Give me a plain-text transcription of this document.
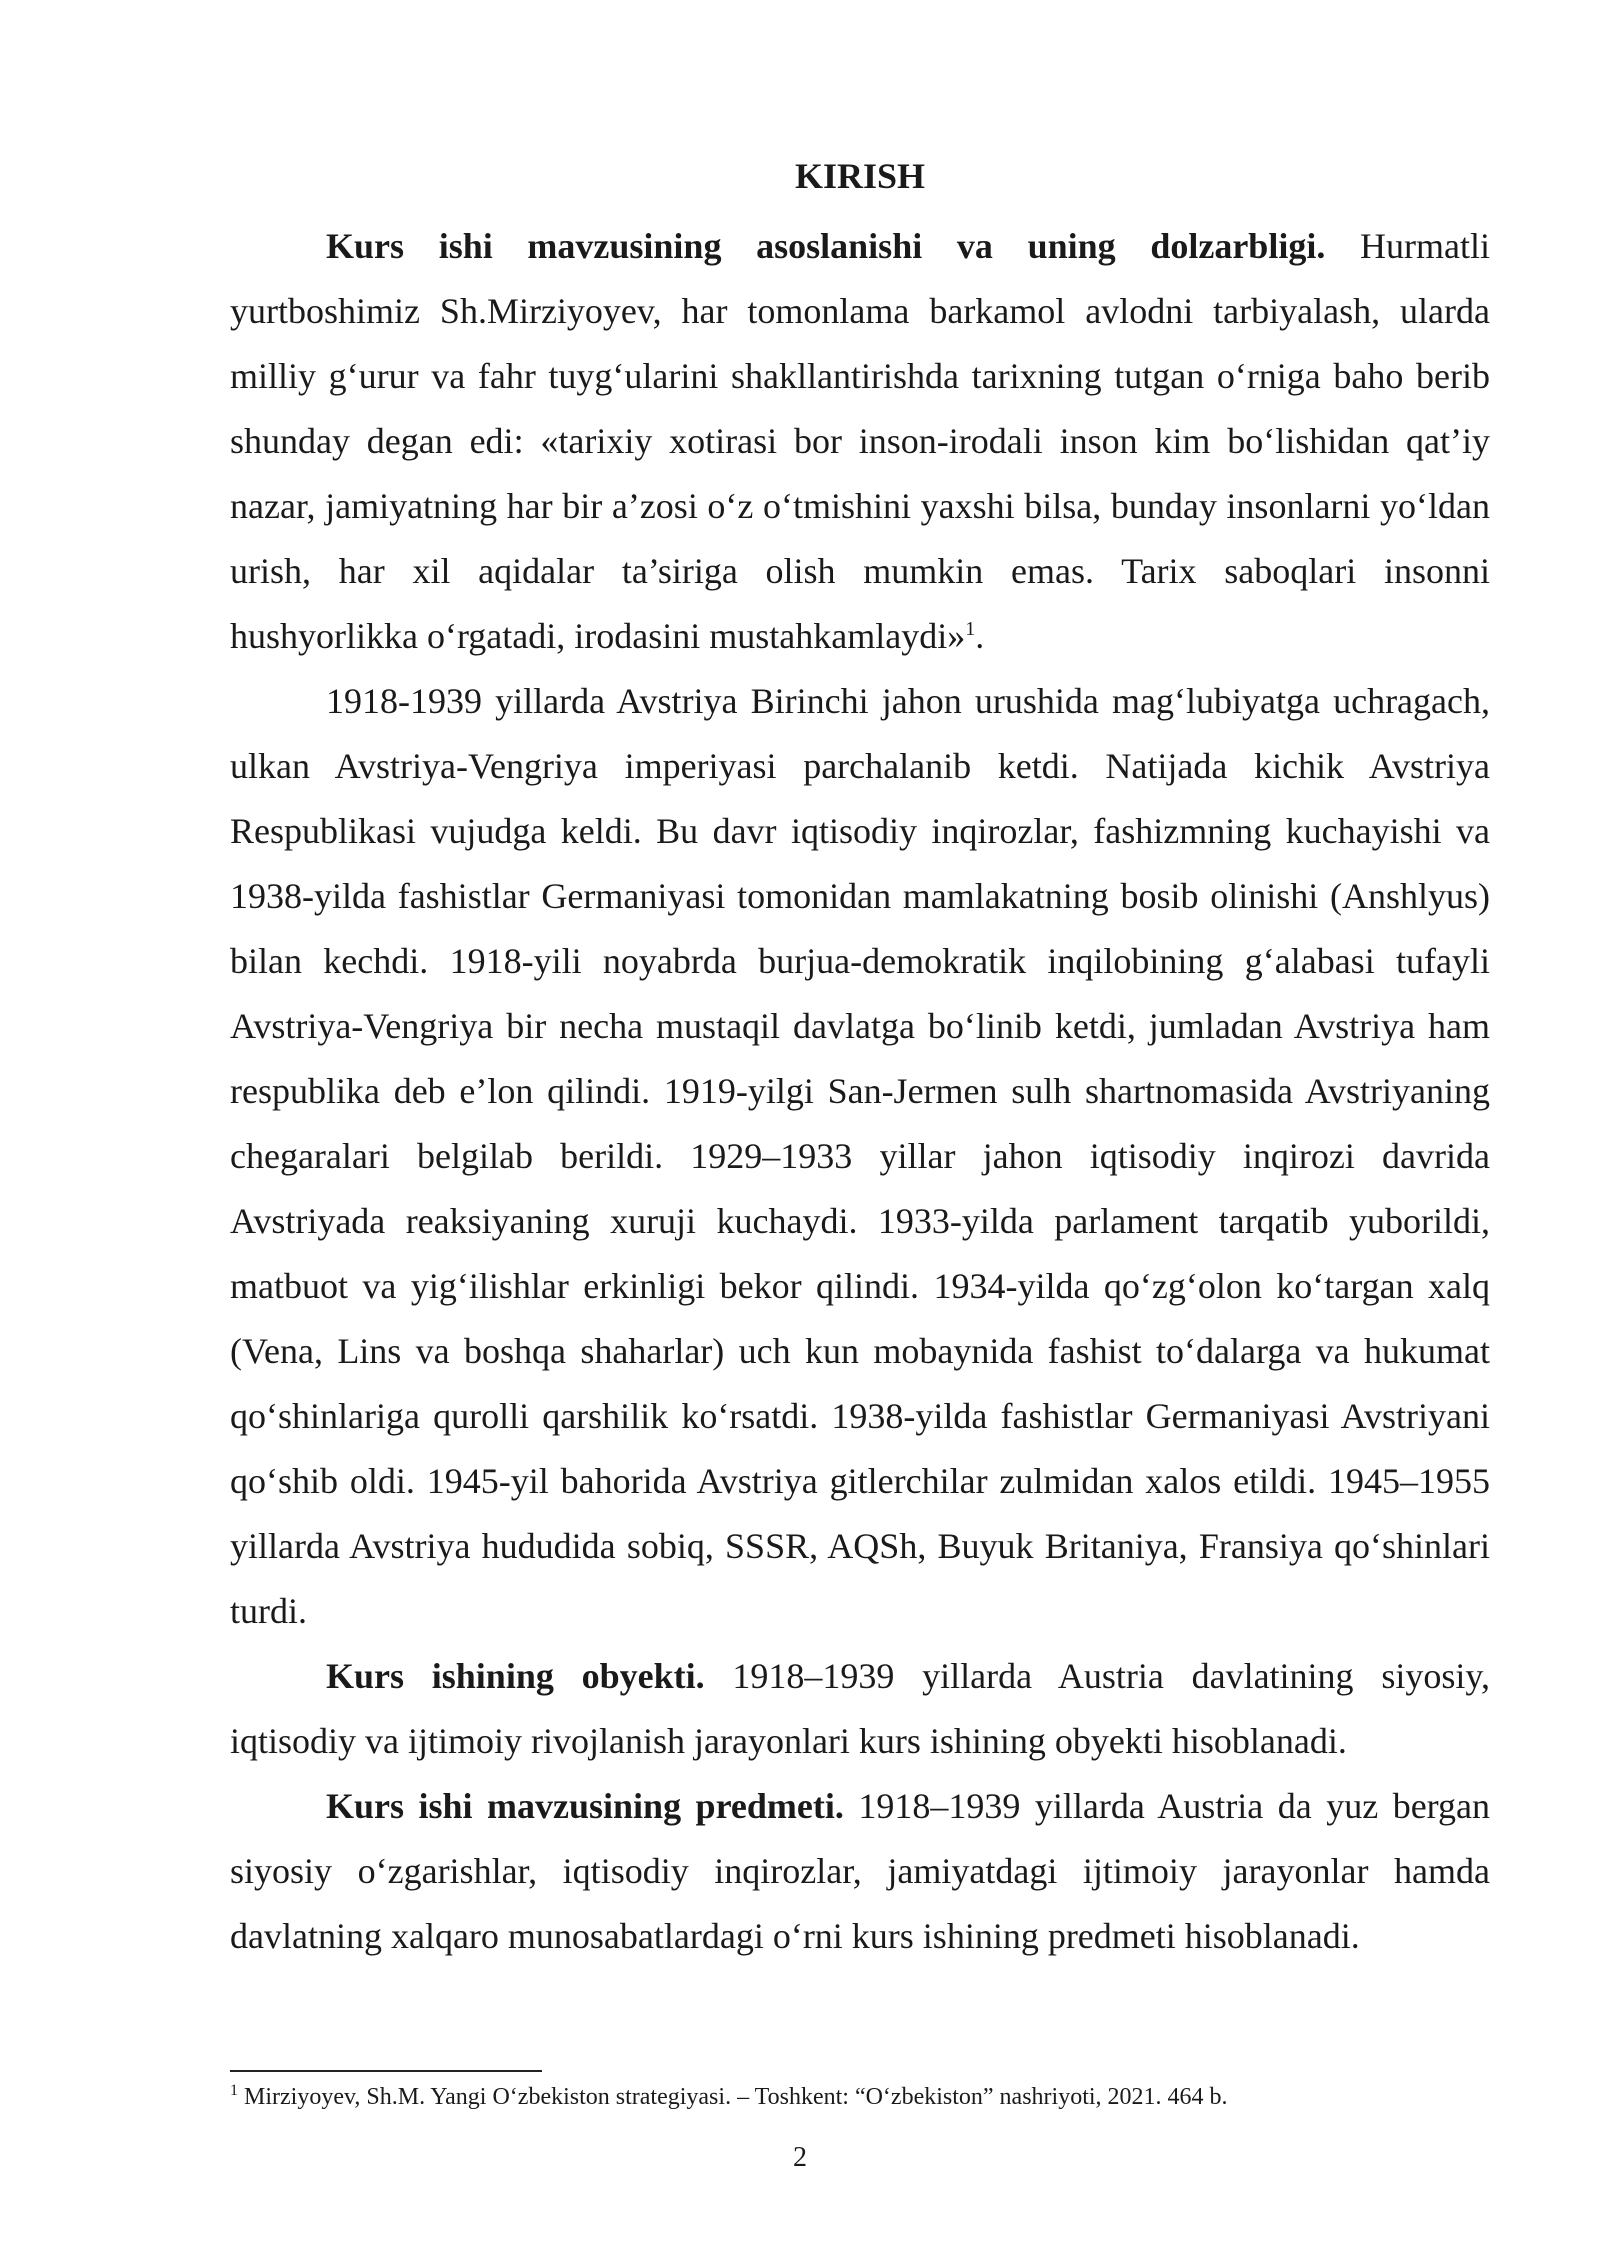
KIRISH

Kurs ishi mavzusining asoslanishi va uning dolzarbligi. Hurmatli yurtboshimiz Sh.Mirziyoyev, har tomonlama barkamol avlodni tarbiyalash, ularda milliy g‘urur va fahr tuyg‘ularini shakllantirishda tarixning tutgan o‘rniga baho berib shunday degan edi: «tarixiy xotirasi bor inson-irodali inson kim bo‘lishidan qat’iy nazar, jamiyatning har bir a’zosi o‘z o‘tmishini yaxshi bilsa, bunday insonlarni yo‘ldan urish, har xil aqidalar ta’siriga olish mumkin emas. Tarix saboqlari insonni hushyorlikka o‘rgatadi, irodasini mustahkamlaydi»$^1$.

1918-1939 yillarda Avstriya Birinchi jahon urushida mag‘lubiyatga uchragach, ulkan Avstriya-Vengriya imperiyasi parchalanib ketdi. Natijada kichik Avstriya Respublikasi vujudga keldi. Bu davr iqtisodiy inqirozlar, fashizmning kuchayishi va 1938-yilda fashistlar Germaniyasi tomonidan mamlakatning bosib olinishi (Anshlyus) bilan kechdi. 1918-yili noyabrda burjua-demokratik inqilobining g‘alabasi tufayli Avstriya-Vengriya bir necha mustaqil davlatga bo‘linib ketdi, jumladan Avstriya ham respublika deb e’lon qilindi. 1919-yilgi San-Jermen sulh shartnomasida Avstriyaning chegaralari belgilab berildi. 1929–1933 yillar jahon iqtisodiy inqirozi davrida Avstriyada reaksiyaning xuruji kuchaydi. 1933-yilda parlament tarqatib yuborildi, matbuot va yig‘ilishlar erkinligi bekor qilindi. 1934-yilda qo‘zg‘olon ko‘targan xalq (Vena, Lins va boshqa shaharlar) uch kun mobaynida fashist to‘dalarga va hukumat qo‘shinlariga qurolli qarshilik ko‘rsatdi. 1938-yilda fashistlar Germaniyasi Avstriyani qo‘shib oldi. 1945-yil bahorida Avstriya gitlerchilar zulmidan xalos etildi. 1945–1955 yillarda Avstriya hududida sobiq, SSSR, AQSh, Buyuk Britaniya, Fransiya qo‘shinlari turdi.

Kurs ishining obyekti. 1918–1939 yillarda Austria davlatining siyosiy, iqtisodiy va ijtimoiy rivojlanish jarayonlari kurs ishining obyekti hisoblanadi.

Kurs ishi mavzusining predmeti. 1918–1939 yillarda Austria da yuz bergan siyosiy o‘zgarishlar, iqtisodiy inqirozlar, jamiyatdagi ijtimoiy jarayonlar hamda davlatning xalqaro munosabatlardagi o‘rni kurs ishining predmeti hisoblanadi.

$^1$ Mirziyoyev, Sh.M. Yangi O‘zbekiston strategiyasi. – Toshkent: “O‘zbekiston” nashriyoti, 2021. 464 b.

2
